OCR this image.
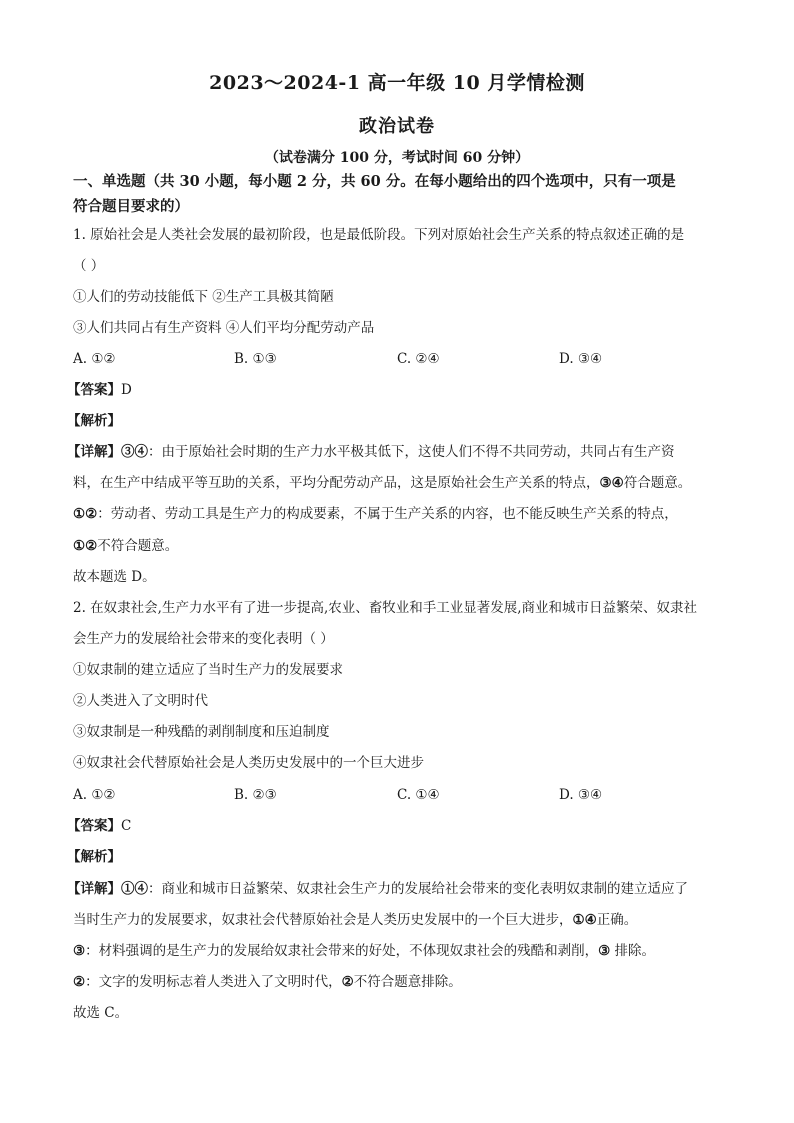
2023～2024-1 高一年级 10 月学情检测
政治试卷
（试卷满分 100 分，考试时间 60 分钟）
一、单选题（共 30 小题，每小题 2 分，共 60 分。在每小题给出的四个选项中，只有一项是
符合题目要求的）
1. 原始社会是人类社会发展的最初阶段，也是最低阶段。下列对原始社会生产关系的特点叙述正确的是
（ ）
①人们的劳动技能低下 ②生产工具极其简陋
③人们共同占有生产资料 ④人们平均分配劳动产品
A. ①②	B. ①③	C. ②④	D. ③④
【答案】D
【解析】
【详解】③④：由于原始社会时期的生产力水平极其低下，这使人们不得不共同劳动，共同占有生产资
料，在生产中结成平等互助的关系，平均分配劳动产品，这是原始社会生产关系的特点，③④符合题意。
①②：劳动者、劳动工具是生产力的构成要素，不属于生产关系的内容，也不能反映生产关系的特点，
①②不符合题意。
故本题选 D。
2. 在奴隶社会,生产力水平有了进一步提高,农业、畜牧业和手工业显著发展,商业和城市日益繁荣、奴隶社
会生产力的发展给社会带来的变化表明（ ）
①奴隶制的建立适应了当时生产力的发展要求
②人类进入了文明时代
③奴隶制是一种残酷的剥削制度和压迫制度
④奴隶社会代替原始社会是人类历史发展中的一个巨大进步
A. ①②	B. ②③	C. ①④	D. ③④
【答案】C
【解析】
【详解】①④：商业和城市日益繁荣、奴隶社会生产力的发展给社会带来的变化表明奴隶制的建立适应了
当时生产力的发展要求，奴隶社会代替原始社会是人类历史发展中的一个巨大进步，①④正确。
③：材料强调的是生产力的发展给奴隶社会带来的好处，不体现奴隶社会的残酷和剥削，③ 排除。
②：文字的发明标志着人类进入了文明时代，②不符合题意排除。
故选 C。
